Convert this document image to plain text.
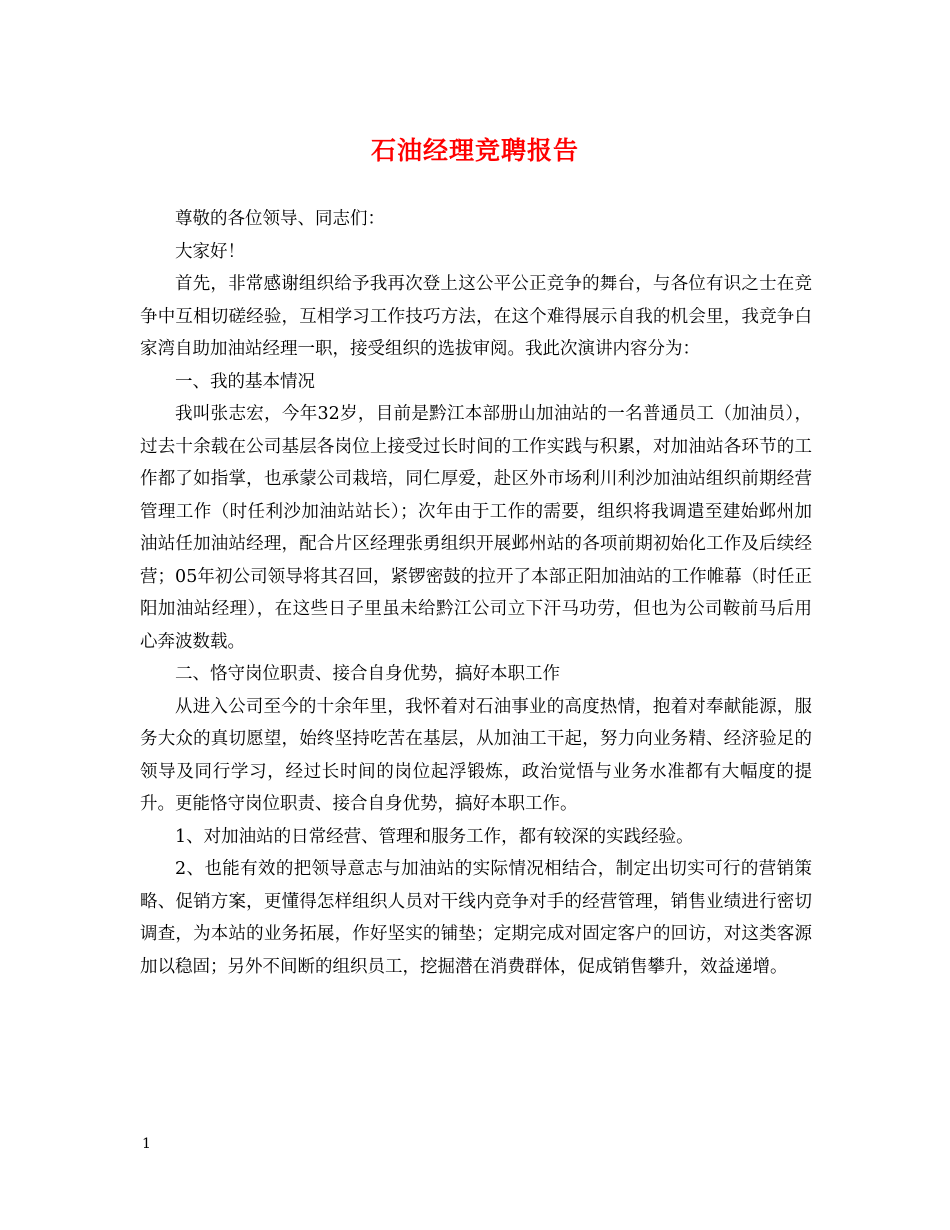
石油经理竞聘报告

尊敬的各位领导、同志们：

大家好！

首先，非常感谢组织给予我再次登上这公平公正竞争的舞台，与各位有识之士在竞争中互相切磋经验，互相学习工作技巧方法，在这个难得展示自我的机会里，我竞争白家湾自助加油站经理一职，接受组织的选拔审阅。我此次演讲内容分为：

一、我的基本情况

我叫张志宏，今年32岁，目前是黔江本部册山加油站的一名普通员工（加油员），过去十余载在公司基层各岗位上接受过长时间的工作实践与积累，对加油站各环节的工作都了如指掌，也承蒙公司栽培，同仁厚爱，赴区外市场利川利沙加油站组织前期经营管理工作（时任利沙加油站站长）；次年由于工作的需要，组织将我调遣至建始邺州加油站任加油站经理，配合片区经理张勇组织开展邺州站的各项前期初始化工作及后续经营；05年初公司领导将其召回，紧锣密鼓的拉开了本部正阳加油站的工作帷幕（时任正阳加油站经理），在这些日子里虽未给黔江公司立下汗马功劳，但也为公司鞍前马后用心奔波数载。

二、恪守岗位职责、接合自身优势，搞好本职工作

从进入公司至今的十余年里，我怀着对石油事业的高度热情，抱着对奉献能源，服务大众的真切愿望，始终坚持吃苦在基层，从加油工干起，努力向业务精、经济验足的领导及同行学习，经过长时间的岗位起浮锻炼，政治觉悟与业务水准都有大幅度的提升。更能恪守岗位职责、接合自身优势，搞好本职工作。

1、对加油站的日常经营、管理和服务工作，都有较深的实践经验。

2、也能有效的把领导意志与加油站的实际情况相结合，制定出切实可行的营销策略、促销方案，更懂得怎样组织人员对干线内竞争对手的经营管理，销售业绩进行密切调查，为本站的业务拓展，作好坚实的铺垫；定期完成对固定客户的回访，对这类客源加以稳固；另外不间断的组织员工，挖掘潜在消费群体，促成销售攀升，效益递增。

1
